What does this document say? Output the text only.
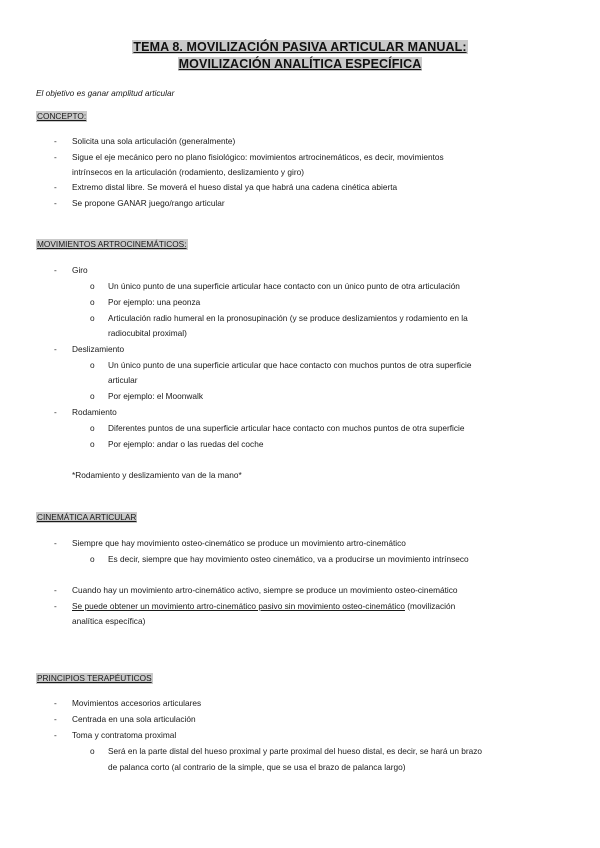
TEMA 8. MOVILIZACIÓN PASIVA ARTICULAR MANUAL:
MOVILIZACIÓN ANALÍTICA ESPECÍFICA
El objetivo es ganar amplitud articular
CONCEPTO:
- Solicita una sola articulación (generalmente)
- Sigue el eje mecánico pero no plano fisiológico: movimientos artrocinemáticos, es decir, movimientos
intrínsecos en la articulación (rodamiento, deslizamiento y giro)
- Extremo distal libre. Se moverá el hueso distal ya que habrá una cadena cinética abierta
- Se propone GANAR juego/rango articular
MOVIMIENTOS ARTROCINEMÁTICOS:
- Giro
o Un único punto de una superficie articular hace contacto con un único punto de otra articulación
o Por ejemplo: una peonza
o Articulación radio humeral en la pronosupinación (y se produce deslizamientos y rodamiento en la
radiocubital proximal)
- Deslizamiento
o Un único punto de una superficie articular que hace contacto con muchos puntos de otra superficie
articular
o Por ejemplo: el Moonwalk
- Rodamiento
o Diferentes puntos de una superficie articular hace contacto con muchos puntos de otra superficie
o Por ejemplo: andar o las ruedas del coche
*Rodamiento y deslizamiento van de la mano*
CINEMÁTICA ARTICULAR
- Siempre que hay movimiento osteo-cinemático se produce un movimiento artro-cinemático
o Es decir, siempre que hay movimiento osteo cinemático, va a producirse un movimiento intrínseco
- Cuando hay un movimiento artro-cinemático activo, siempre se produce un movimiento osteo-cinemático
- Se puede obtener un movimiento artro-cinemático pasivo sin movimiento osteo-cinemático (movilización
analítica específica)
PRINCIPIOS TERAPÉUTICOS
- Movimientos accesorios articulares
- Centrada en una sola articulación
- Toma y contratoma proximal
o Será en la parte distal del hueso proximal y parte proximal del hueso distal, es decir, se hará un brazo
de palanca corto (al contrario de la simple, que se usa el brazo de palanca largo)
